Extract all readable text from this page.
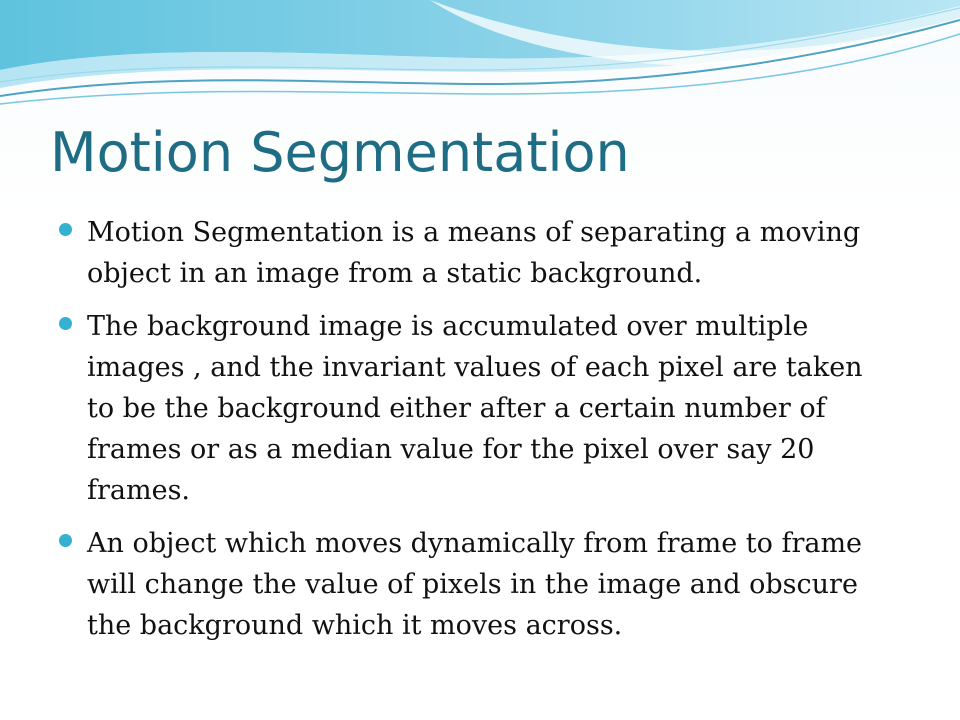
Motion Segmentation
Motion Segmentation is a means of separating a moving object in an image from a static background.
The background image is accumulated over multiple images , and the invariant values of each pixel are taken to be the background either after a certain number of frames or as a median value for the pixel over say 20 frames.
An object which moves dynamically from frame to frame will change the value of pixels in the image and obscure the background which it moves across.
